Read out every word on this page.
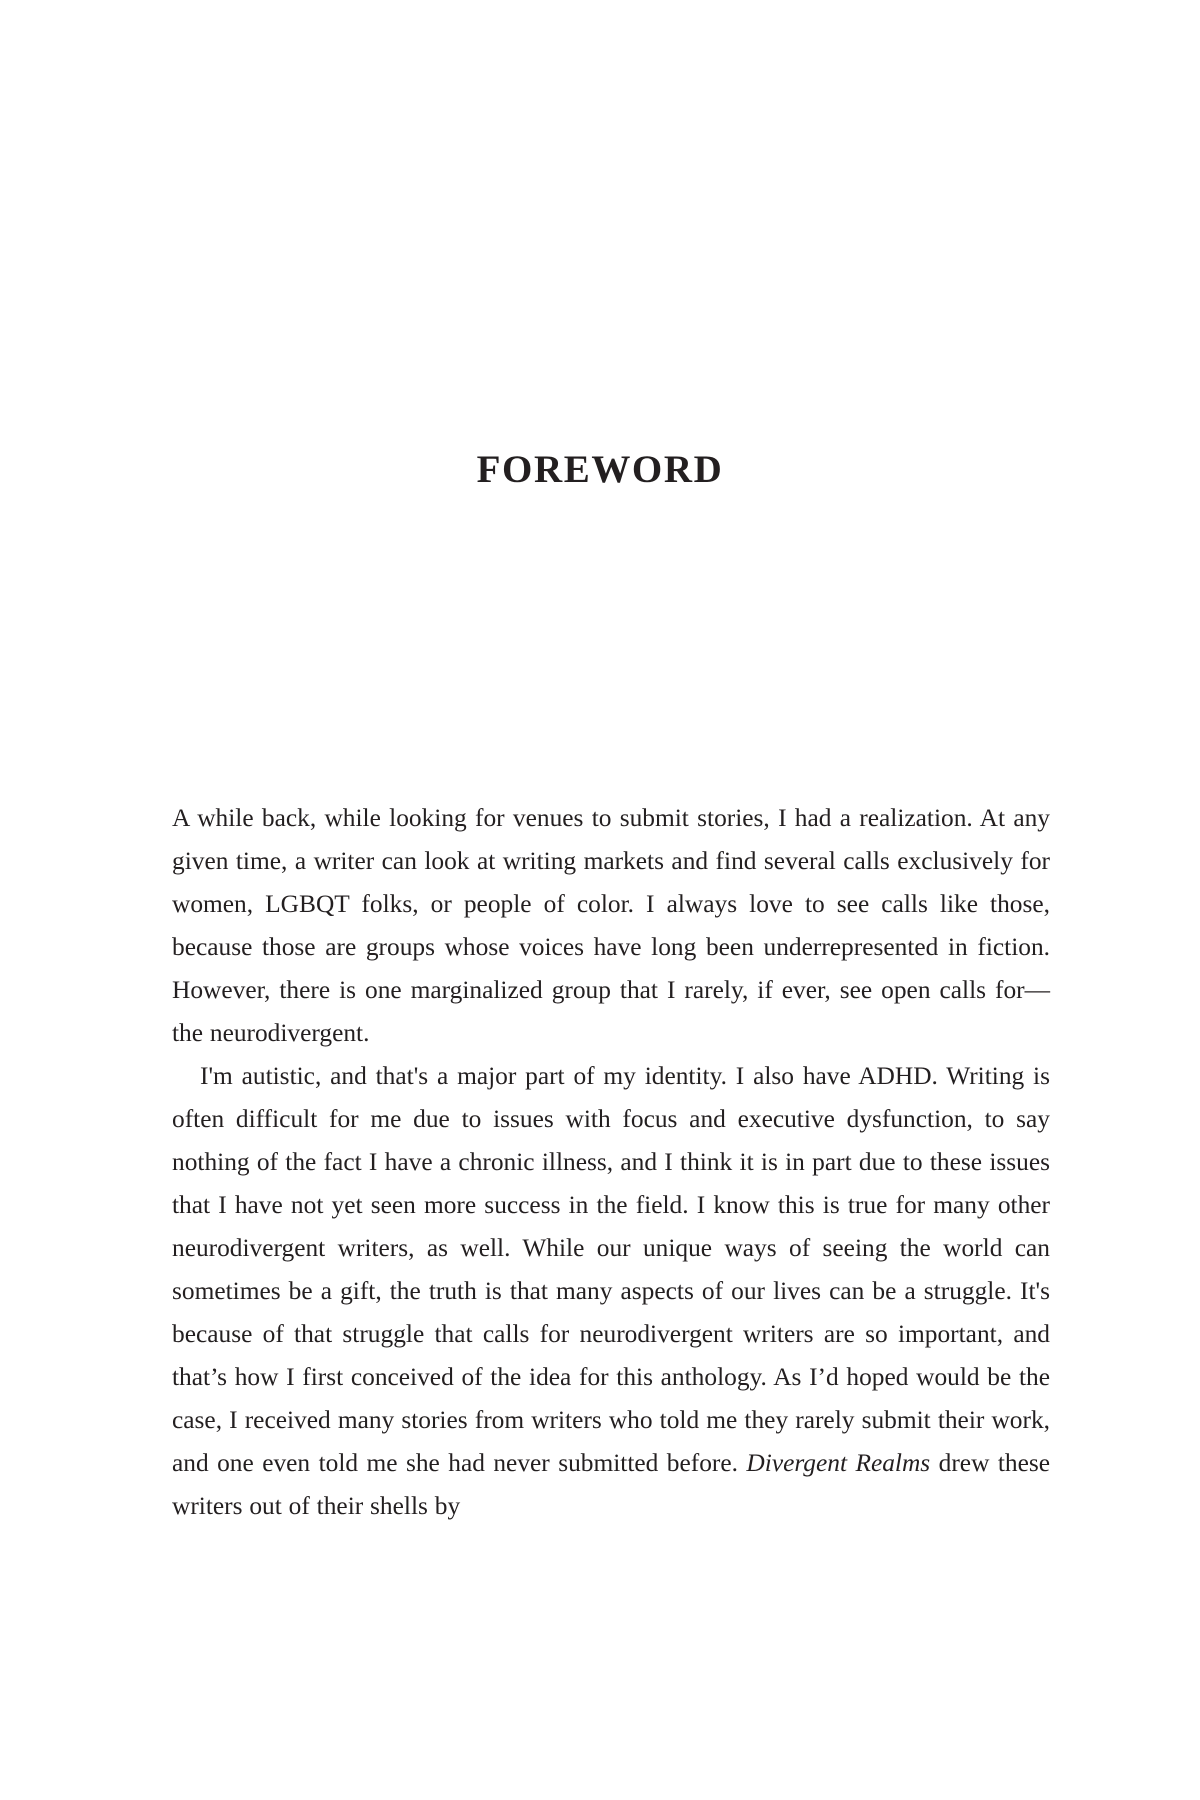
FOREWORD

A while back, while looking for venues to submit stories, I had a realization. At any given time, a writer can look at writing markets and find several calls exclusively for women, LGBQT folks, or people of color. I always love to see calls like those, because those are groups whose voices have long been underrepresented in fiction. However, there is one marginalized group that I rarely, if ever, see open calls for—the neurodivergent.

I'm autistic, and that's a major part of my identity. I also have ADHD. Writing is often difficult for me due to issues with focus and executive dysfunction, to say nothing of the fact I have a chronic illness, and I think it is in part due to these issues that I have not yet seen more success in the field. I know this is true for many other neurodivergent writers, as well. While our unique ways of seeing the world can sometimes be a gift, the truth is that many aspects of our lives can be a struggle. It's because of that struggle that calls for neurodivergent writers are so important, and that’s how I first conceived of the idea for this anthology. As I’d hoped would be the case, I received many stories from writers who told me they rarely submit their work, and one even told me she had never submitted before. Divergent Realms drew these writers out of their shells by
